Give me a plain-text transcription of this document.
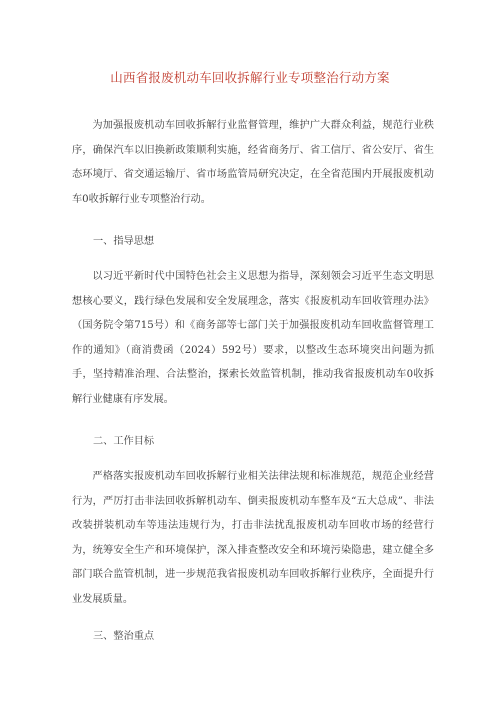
山西省报废机动车回收拆解行业专项整治行动方案

为加强报废机动车回收拆解行业监督管理，维护广大群众利益，规范行业秩序，确保汽车以旧换新政策顺利实施，经省商务厅、省工信厅、省公安厅、省生态环境厅、省交通运输厅、省市场监管局研究决定，在全省范围内开展报废机动车0收拆解行业专项整治行动。

一、指导思想

以习近平新时代中国特色社会主义思想为指导，深刻领会习近平生态文明思想核心要义，践行绿色发展和安全发展理念，落实《报废机动车回收管理办法》（国务院令第715号）和《商务部等七部门关于加强报废机动车回收监督管理工作的通知》（商消费函（2024）592号）要求，以整改生态环境突出问题为抓手，坚持精准治理、合法整治，探索长效监管机制，推动我省报废机动车0收拆解行业健康有序发展。

二、工作目标

严格落实报废机动车回收拆解行业相关法律法规和标准规范，规范企业经营行为，严厉打击非法回收拆解机动车、倒卖报废机动车整车及“五大总成”、非法改装拼装机动车等违法违规行为，打击非法扰乱报废机动车回收市场的经营行为，统筹安全生产和环境保护，深入排查整改安全和环境污染隐患，建立健全多部门联合监管机制，进一步规范我省报废机动车回收拆解行业秩序，全面提升行业发展质量。

三、整治重点
